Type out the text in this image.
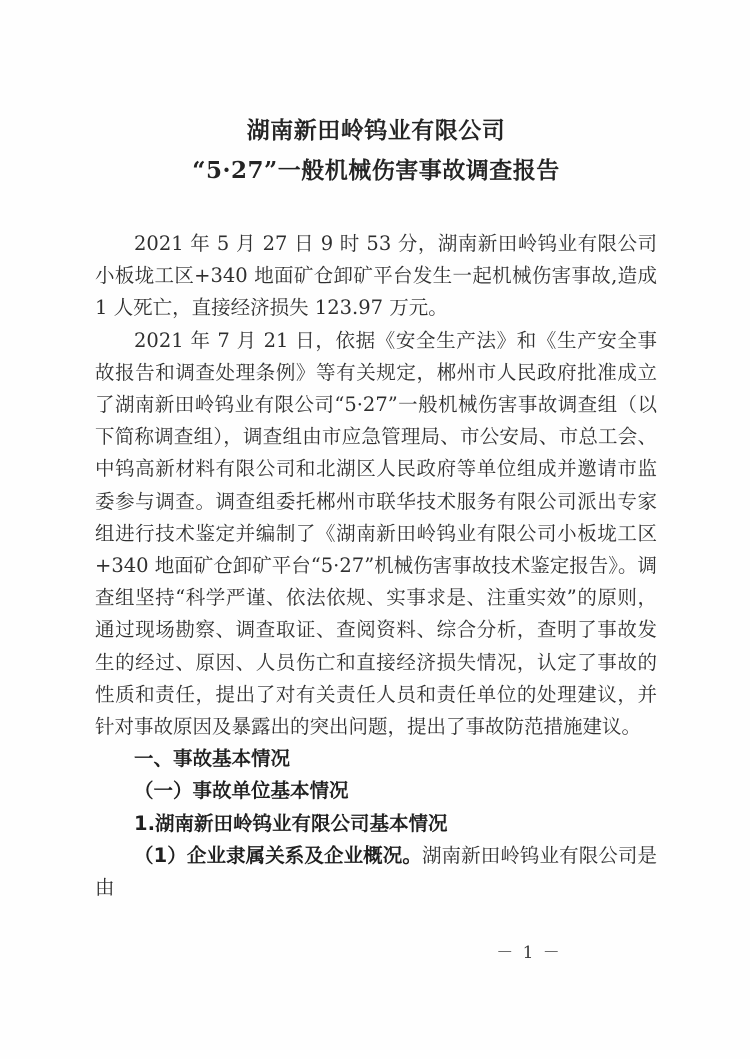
湖南新田岭钨业有限公司
“5·27”一般机械伤害事故调查报告

2021 年 5 月 27 日 9 时 53 分，湖南新田岭钨业有限公司小板垅工区+340 地面矿仓卸矿平台发生一起机械伤害事故,造成 1 人死亡，直接经济损失 123.97 万元。

2021 年 7 月 21 日，依据《安全生产法》和《生产安全事故报告和调查处理条例》等有关规定，郴州市人民政府批准成立了湖南新田岭钨业有限公司“5·27”一般机械伤害事故调查组（以下简称调查组），调查组由市应急管理局、市公安局、市总工会、中钨高新材料有限公司和北湖区人民政府等单位组成并邀请市监委参与调查。调查组委托郴州市联华技术服务有限公司派出专家组进行技术鉴定并编制了《湖南新田岭钨业有限公司小板垅工区+340 地面矿仓卸矿平台“5·27”机械伤害事故技术鉴定报告》。调查组坚持“科学严谨、依法依规、实事求是、注重实效”的原则，通过现场勘察、调查取证、查阅资料、综合分析，查明了事故发生的经过、原因、人员伤亡和直接经济损失情况，认定了事故的性质和责任，提出了对有关责任人员和责任单位的处理建议，并针对事故原因及暴露出的突出问题，提出了事故防范措施建议。

一、事故基本情况

（一）事故单位基本情况

1.湖南新田岭钨业有限公司基本情况

（1）企业隶属关系及企业概况。湖南新田岭钨业有限公司是由

－ 1 －
